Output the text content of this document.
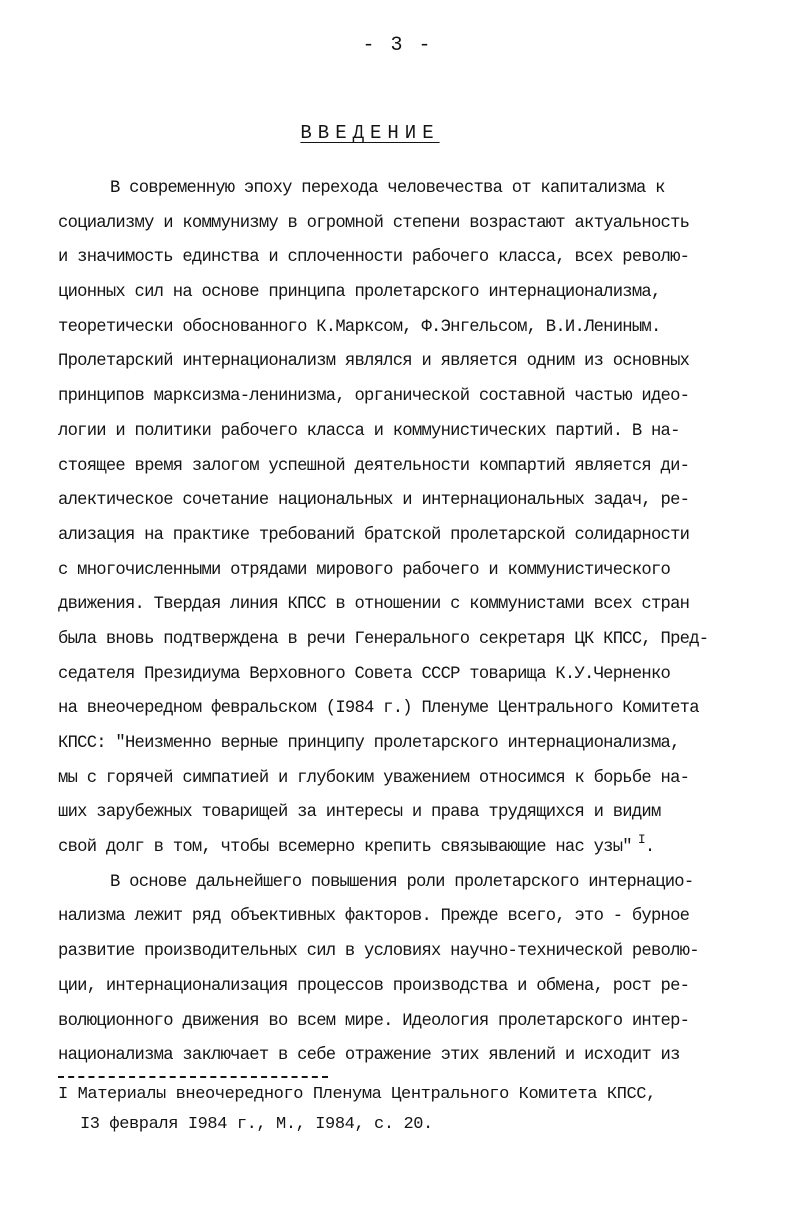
- 3 -
ВВЕДЕНИЕ
В современную эпоху перехода человечества от капитализма к
социализму и коммунизму в огромной степени возрастают актуальность
и значимость единства и сплоченности рабочего класса, всех револю-
ционных сил на основе принципа пролетарского интернационализма,
теоретически обоснованного К.Марксом, Ф.Энгельсом, В.И.Лениным.
Пролетарский интернационализм являлся и является одним из основных
принципов марксизма-ленинизма, органической составной частью идео-
логии и политики рабочего класса и коммунистических партий. В на-
стоящее время залогом успешной деятельности компартий является ди-
алектическое сочетание национальных и интернациональных задач, ре-
ализация на практике требований братской пролетарской солидарности
с многочисленными отрядами мирового рабочего и коммунистического
движения. Твердая линия КПСС в отношении с коммунистами всех стран
была вновь подтверждена в речи Генерального секретаря ЦК КПСС, Пред-
седателя Президиума Верховного Совета СССР товарища К.У.Черненко
на внеочередном февральском (I984 г.) Пленуме Центрального Комитета
КПСС: "Неизменно верные принципу пролетарского интернационализма,
мы с горячей симпатией и глубоким уважением относимся к борьбе на-
ших зарубежных товарищей за интересы и права трудящихся и видим
свой долг в том, чтобы всемерно крепить связывающие нас узы" $^I$.
В основе дальнейшего повышения роли пролетарского интернацио-
нализма лежит ряд объективных факторов. Прежде всего, это - бурное
развитие производительных сил в условиях научно-технической револю-
ции, интернационализация процессов производства и обмена, рост ре-
волюционного движения во всем мире. Идеология пролетарского интер-
национализма заключает в себе отражение этих явлений и исходит из
I Материалы внеочередного Пленума Центрального Комитета КПСС,
I3 февраля I984 г., М., I984, с. 20.
